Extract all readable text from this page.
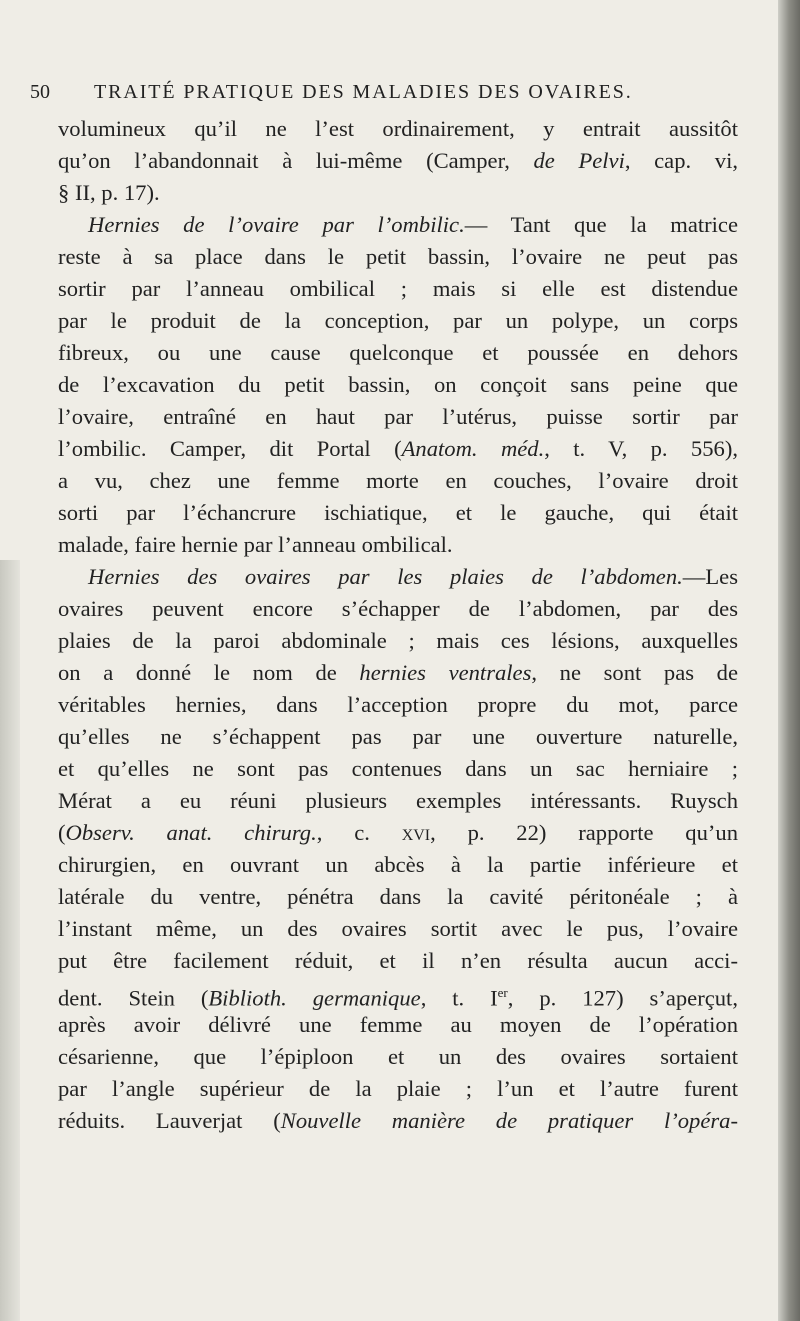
50 TRAITÉ PRATIQUE DES MALADIES DES OVAIRES.
volumineux qu’il ne l’est ordinairement, y entrait aussitôt
qu’on l’abandonnait à lui-même (Camper, de Pelvi, cap. vi,
§ II, p. 17).
Hernies de l’ovaire par l’ombilic.— Tant que la matrice
reste à sa place dans le petit bassin, l’ovaire ne peut pas
sortir par l’anneau ombilical ; mais si elle est distendue
par le produit de la conception, par un polype, un corps
fibreux, ou une cause quelconque et poussée en dehors
de l’excavation du petit bassin, on conçoit sans peine que
l’ovaire, entraîné en haut par l’utérus, puisse sortir par
l’ombilic. Camper, dit Portal (Anatom. méd., t. V, p. 556),
a vu, chez une femme morte en couches, l’ovaire droit
sorti par l’échancrure ischiatique, et le gauche, qui était
malade, faire hernie par l’anneau ombilical.
Hernies des ovaires par les plaies de l’abdomen.—Les
ovaires peuvent encore s’échapper de l’abdomen, par des
plaies de la paroi abdominale ; mais ces lésions, auxquelles
on a donné le nom de hernies ventrales, ne sont pas de
véritables hernies, dans l’acception propre du mot, parce
qu’elles ne s’échappent pas par une ouverture naturelle,
et qu’elles ne sont pas contenues dans un sac herniaire ;
Mérat a eu réuni plusieurs exemples intéressants. Ruysch
(Observ. anat. chirurg., c. xvi, p. 22) rapporte qu’un
chirurgien, en ouvrant un abcès à la partie inférieure et
latérale du ventre, pénétra dans la cavité péritonéale ; à
l’instant même, un des ovaires sortit avec le pus, l’ovaire
put être facilement réduit, et il n’en résulta aucun acci-
dent. Stein (Biblioth. germanique, t. Ier, p. 127) s’aperçut,
après avoir délivré une femme au moyen de l’opération
césarienne, que l’épiploon et un des ovaires sortaient
par l’angle supérieur de la plaie ; l’un et l’autre furent
réduits. Lauverjat (Nouvelle manière de pratiquer l’opéra-
